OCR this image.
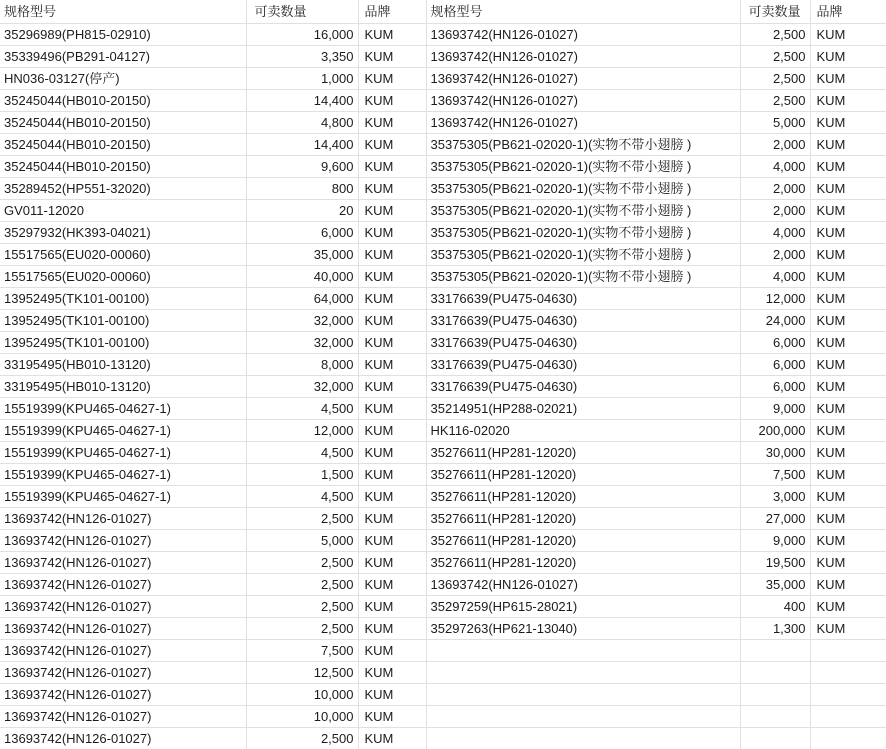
规格型号	可卖数量	品牌	规格型号	可卖数量	品牌
35296989(PH815-02910)	16,000	KUM	13693742(HN126-01027)	2,500	KUM
35339496(PB291-04127)	3,350	KUM	13693742(HN126-01027)	2,500	KUM
HN036-03127(停产)	1,000	KUM	13693742(HN126-01027)	2,500	KUM
35245044(HB010-20150)	14,400	KUM	13693742(HN126-01027)	2,500	KUM
35245044(HB010-20150)	4,800	KUM	13693742(HN126-01027)	5,000	KUM
35245044(HB010-20150)	14,400	KUM	35375305(PB621-02020-1)(实物不带小翅膀 )	2,000	KUM
35245044(HB010-20150)	9,600	KUM	35375305(PB621-02020-1)(实物不带小翅膀 )	4,000	KUM
35289452(HP551-32020)	800	KUM	35375305(PB621-02020-1)(实物不带小翅膀 )	2,000	KUM
GV011-12020	20	KUM	35375305(PB621-02020-1)(实物不带小翅膀 )	2,000	KUM
35297932(HK393-04021)	6,000	KUM	35375305(PB621-02020-1)(实物不带小翅膀 )	4,000	KUM
15517565(EU020-00060)	35,000	KUM	35375305(PB621-02020-1)(实物不带小翅膀 )	2,000	KUM
15517565(EU020-00060)	40,000	KUM	35375305(PB621-02020-1)(实物不带小翅膀 )	4,000	KUM
13952495(TK101-00100)	64,000	KUM	33176639(PU475-04630)	12,000	KUM
13952495(TK101-00100)	32,000	KUM	33176639(PU475-04630)	24,000	KUM
13952495(TK101-00100)	32,000	KUM	33176639(PU475-04630)	6,000	KUM
33195495(HB010-13120)	8,000	KUM	33176639(PU475-04630)	6,000	KUM
33195495(HB010-13120)	32,000	KUM	33176639(PU475-04630)	6,000	KUM
15519399(KPU465-04627-1)	4,500	KUM	35214951(HP288-02021)	9,000	KUM
15519399(KPU465-04627-1)	12,000	KUM	HK116-02020	200,000	KUM
15519399(KPU465-04627-1)	4,500	KUM	35276611(HP281-12020)	30,000	KUM
15519399(KPU465-04627-1)	1,500	KUM	35276611(HP281-12020)	7,500	KUM
15519399(KPU465-04627-1)	4,500	KUM	35276611(HP281-12020)	3,000	KUM
13693742(HN126-01027)	2,500	KUM	35276611(HP281-12020)	27,000	KUM
13693742(HN126-01027)	5,000	KUM	35276611(HP281-12020)	9,000	KUM
13693742(HN126-01027)	2,500	KUM	35276611(HP281-12020)	19,500	KUM
13693742(HN126-01027)	2,500	KUM	13693742(HN126-01027)	35,000	KUM
13693742(HN126-01027)	2,500	KUM	35297259(HP615-28021)	400	KUM
13693742(HN126-01027)	2,500	KUM	35297263(HP621-13040)	1,300	KUM
13693742(HN126-01027)	7,500	KUM			
13693742(HN126-01027)	12,500	KUM			
13693742(HN126-01027)	10,000	KUM			
13693742(HN126-01027)	10,000	KUM			
13693742(HN126-01027)	2,500	KUM			
